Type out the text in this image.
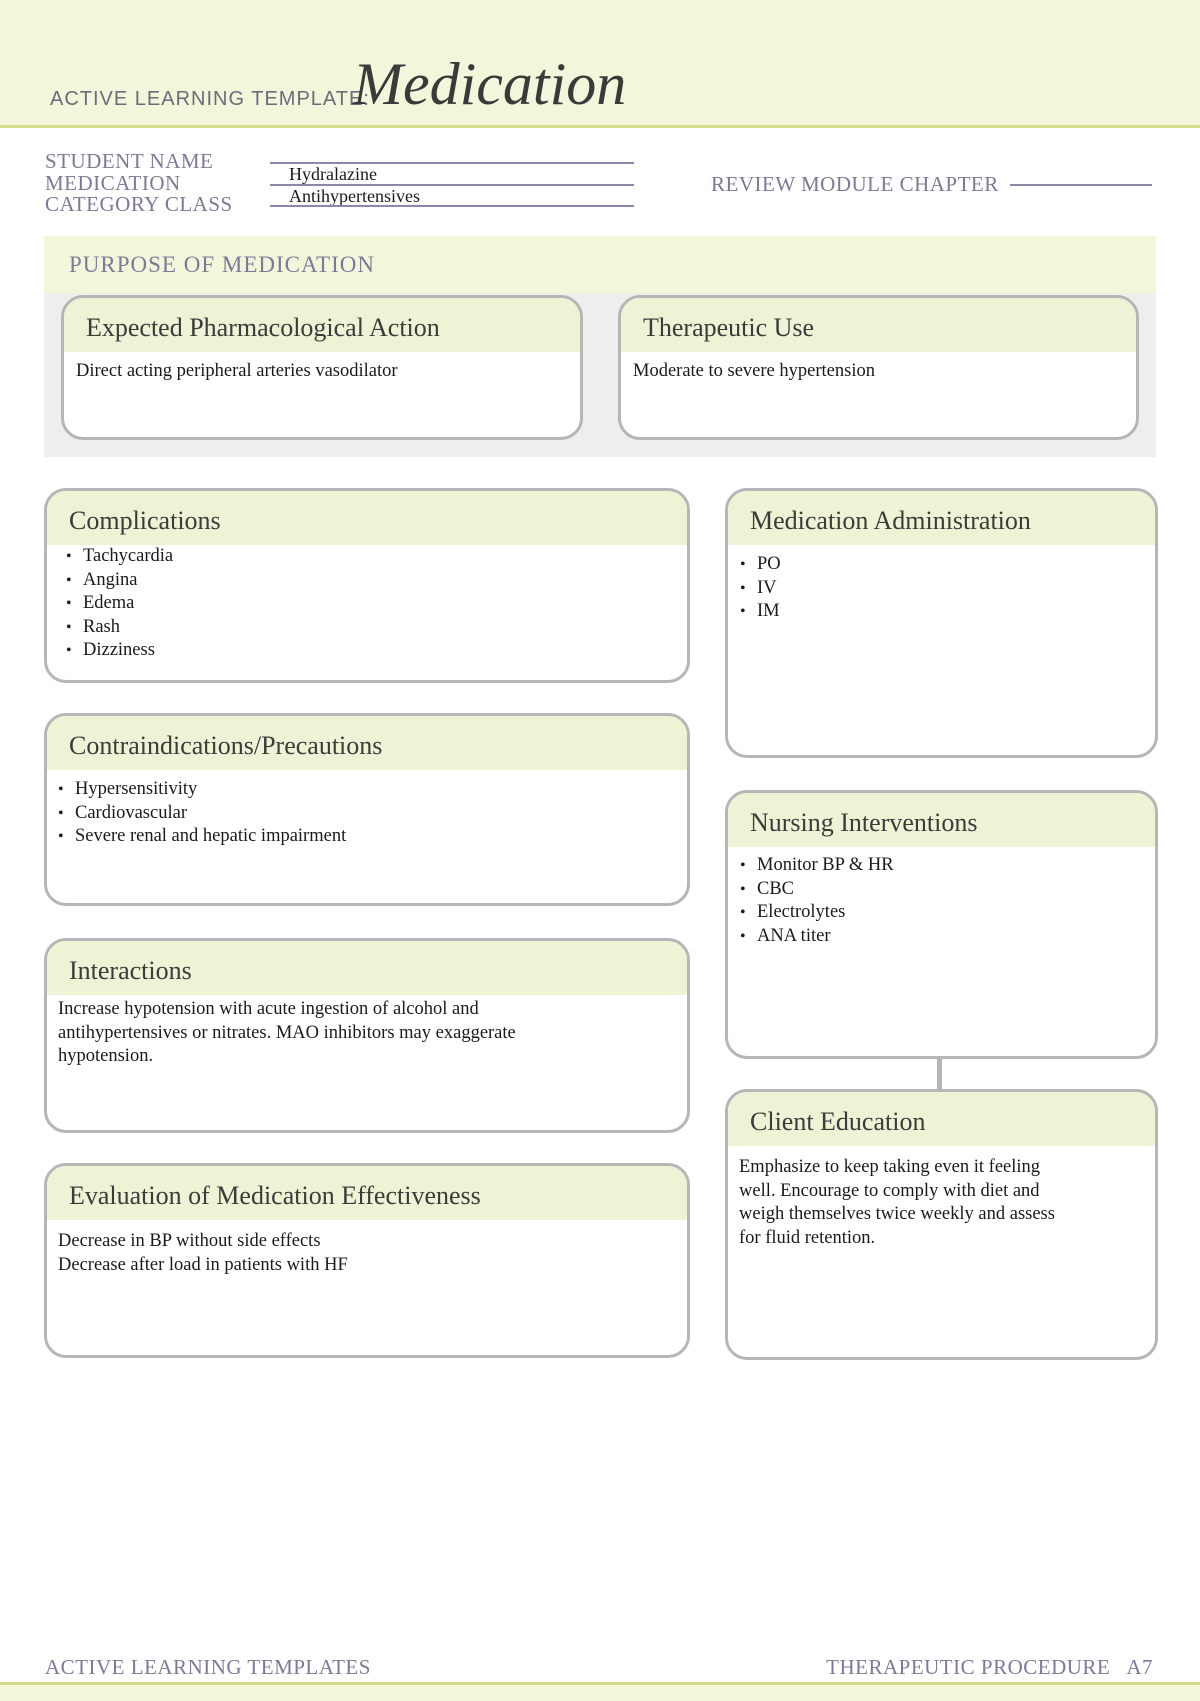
ACTIVE LEARNING TEMPLATE:
Medication
STUDENT NAME
MEDICATION	Hydralazine
CATEGORY CLASS	Antihypertensives	REVIEW MODULE CHAPTER
PURPOSE OF MEDICATION
Expected Pharmacological Action
Direct acting peripheral arteries vasodilator
Therapeutic Use
Moderate to severe hypertension
Complications
• Tachycardia
• Angina
• Edema
• Rash
• Dizziness
Medication Administration
• PO
• IV
• IM
Contraindications/Precautions
• Hypersensitivity
• Cardiovascular
• Severe renal and hepatic impairment	Nursing Interventions
• Monitor BP & HR
• CBC
• Electrolytes
• ANA titer
Interactions
Increase hypotension with acute ingestion of alcohol and
antihypertensives or nitrates. MAO inhibitors may exaggerate
hypotension.
Client Education
Emphasize to keep taking even it feeling
well. Encourage to comply with diet and
weigh themselves twice weekly and assess
for fluid retention.
Evaluation of Medication Effectiveness
Decrease in BP without side effects
Decrease after load in patients with HF
ACTIVE LEARNING TEMPLATES	THERAPEUTIC PROCEDURE   A7
